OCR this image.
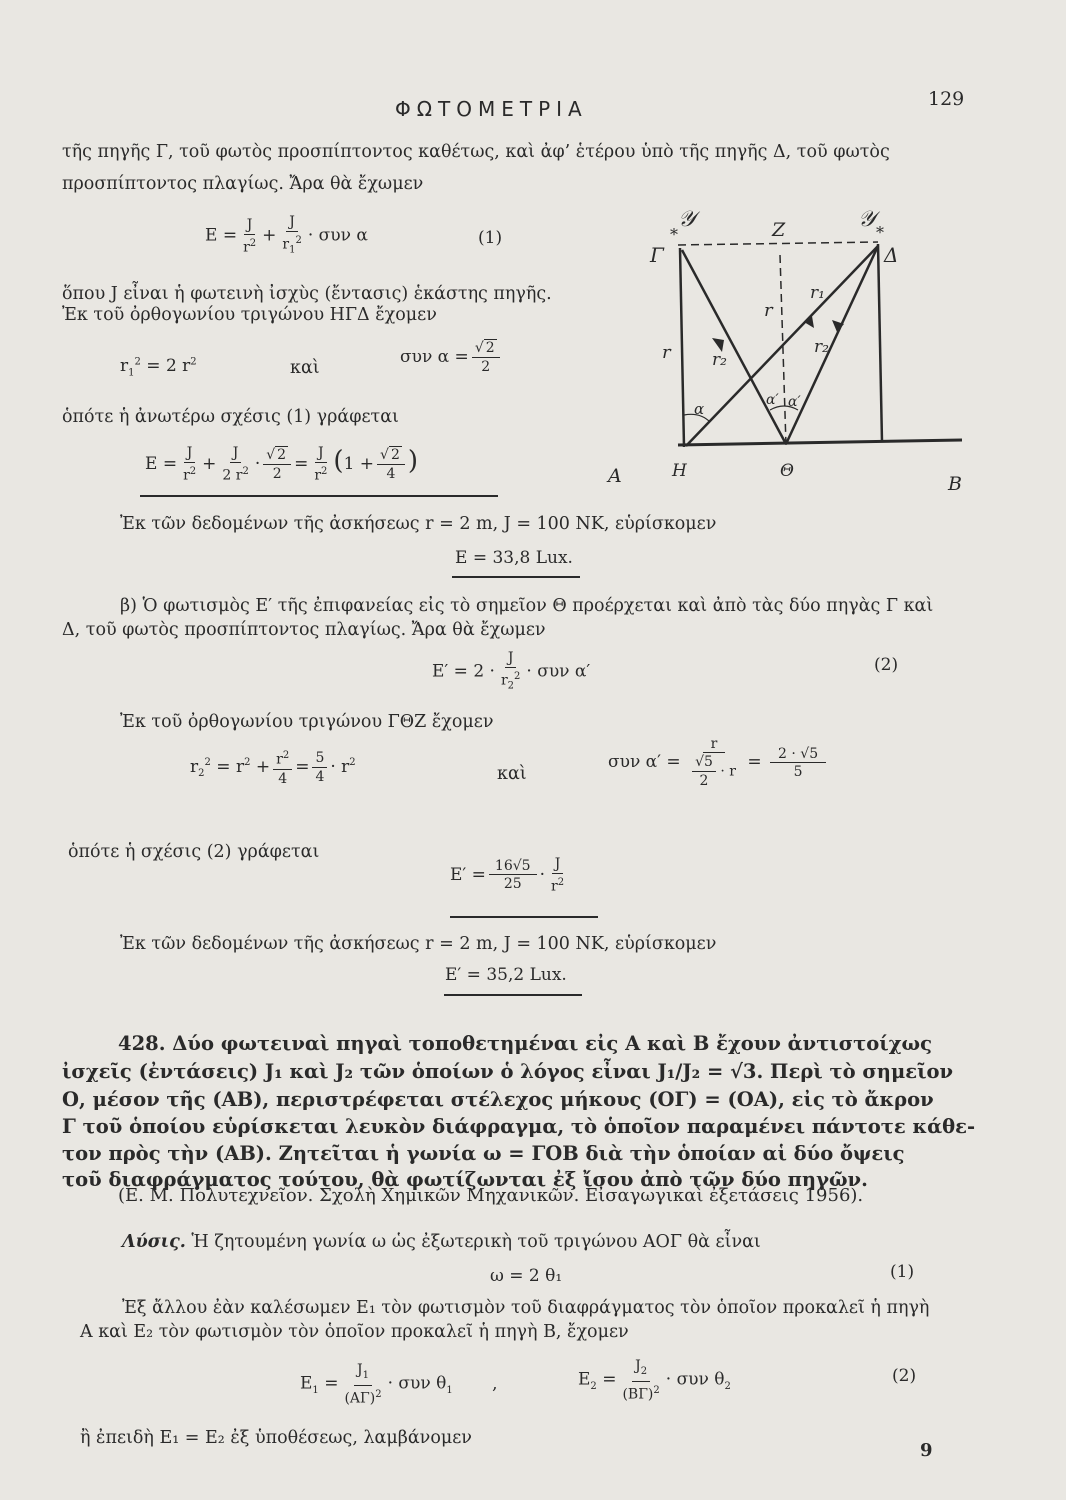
ΦΩΤΟΜΕΤΡΙΑ	129
τῆς πηγῆς Γ, τοῦ φωτὸς προσπίπτοντος καθέτως, καὶ ἀφ’ ἑτέρου ὑπὸ τῆς πηγῆς Δ, τοῦ φωτὸς
προσπίπτοντος πλαγίως. Ἄρα θὰ ἔχωμεν
$E = \frac{J}{r^2} + \frac{J}{r_1^2} \cdot \sigma\upsilon\nu$ α	(1)
ὅπου J εἶναι ἡ φωτεινὴ ἰσχὺς (ἔντασις) ἑκάστης πηγῆς.
Ἐκ τοῦ ὀρθογωνίου τριγώνου ΗΓΔ ἔχομεν
$r_1^2 = 2$ $r^2$	καὶ
συν $\alpha = \frac{√ 2}{2}$
ὁπότε ἡ ἀνωτέρω σχέσις (1) γράφεται
$E = \frac{J}{r^2} + \frac{J}{2 r^2} \cdot \frac{√ 2}{2} = \frac{J}{r^2} (1 + \frac{√ 2}{4}$ )
Ἐκ τῶν δεδομένων τῆς ἀσκήσεως r = 2 m, J = 100 NK, εὑρίσκομεν
E = 33,8 Lux.
*	*
𝒴	Z	𝒴
Γ	Δ
r
r
r₁
r₂
r₂
α	α′ α′
A	H	Θ
B
β) Ὁ φωτισμὸς Ε′ τῆς ἐπιφανείας εἰς τὸ σημεῖον Θ προέρχεται καὶ ἀπὸ τὰς δύο πηγὰς Γ καὶ
Δ, τοῦ φωτὸς προσπίπτοντος πλαγίως. Ἄρα θὰ ἔχωμεν
$E' = 2 \cdot \frac{J}{r_2^2} \cdot \sigma\upsilon\nu$ α′	(2)
Ἐκ τοῦ ὀρθογωνίου τριγώνου ΓΘΖ ἔχομεν
$r_2^2 = r^2 + \frac{r^2}{4} = \frac{5}{4} \cdot r^2$
καὶ
συν $\alpha' = \frac{r}{\frac{√5}{2} \cdot r} = \frac{2 \cdot √5}{5}$
ὁπότε ἡ σχέσις (2) γράφεται
$E' = \frac{16√5}{25} \cdot \frac{J}{r^2}$
Ἐκ τῶν δεδομένων τῆς ἀσκήσεως r = 2 m, J = 100 NK, εὑρίσκομεν
E′ = 35,2 Lux.
428. Δύο φωτειναὶ πηγαὶ τοποθετημέναι εἰς Α καὶ Β ἔχουν ἀντιστοίχως
ἰσχεῖς (ἐντάσεις) J₁ καὶ J₂ τῶν ὁποίων ὁ λόγος εἶναι J₁/J₂ = √3. Περὶ τὸ σημεῖον
Ο, μέσον τῆς (ΑΒ), περιστρέφεται στέλεχος μήκους (ΟΓ) = (ΟΑ), εἰς τὸ ἄκρον
Γ τοῦ ὁποίου εὑρίσκεται λευκὸν διάφραγμα, τὸ ὁποῖον παραμένει πάντοτε κάθε-
τον πρὸς τὴν (ΑΒ). Ζητεῖται ἡ γωνία ω = ΓΟΒ διὰ τὴν ὁποίαν αἱ δύο ὄψεις
τοῦ διαφράγματος τούτου, θὰ φωτίζωνται ἐξ ἴσου ἀπὸ τῶν δύο πηγῶν.
(Ε. Μ. Πολυτεχνεῖον. Σχολὴ Χημικῶν Μηχανικῶν. Εἰσαγωγικαὶ ἐξετάσεις 1956).
Λύσις. Ἡ ζητουμένη γωνία ω ὡς ἐξωτερικὴ τοῦ τριγώνου ΑΟΓ θὰ εἶναι
ω = 2 θ₁	(1)
Ἐξ ἄλλου ἐὰν καλέσωμεν Ε₁ τὸν φωτισμὸν τοῦ διαφράγματος τὸν ὁποῖον προκαλεῖ ἡ πηγὴ
Α καὶ Ε₂ τὸν φωτισμὸν τὸν ὁποῖον προκαλεῖ ἡ πηγὴ Β, ἔχομεν
$E_1 = \frac{J_1}{(A\Gamma)^2} \cdot \sigma\upsilon\nu$ $\theta_1$ ,	$E_2 = \frac{J_2}{(B\Gamma)^2} \cdot \sigma\upsilon\nu$ $\theta_2$
(2)
ἢ ἐπειδὴ Ε₁ = Ε₂ ἐξ ὑποθέσεως, λαμβάνομεν
9
